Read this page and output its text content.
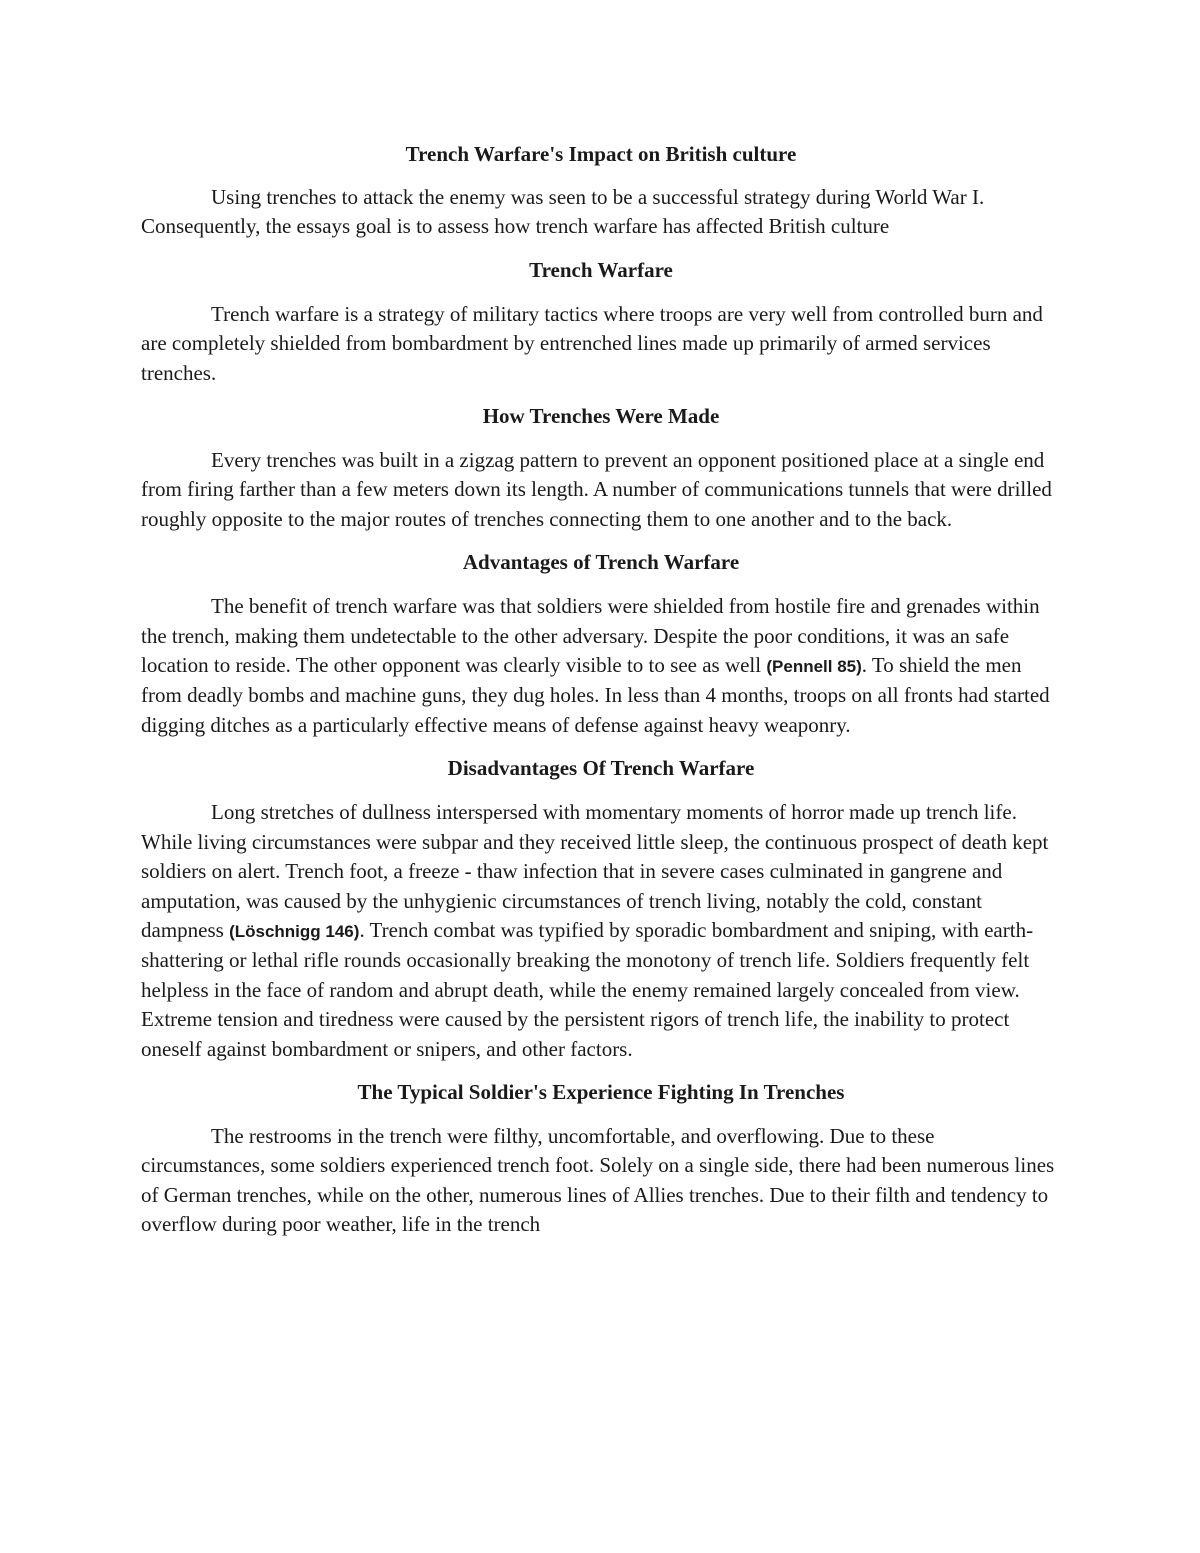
Trench Warfare's Impact on British culture

Using trenches to attack the enemy was seen to be a successful strategy during World War I. Consequently, the essays goal is to assess how trench warfare has affected British culture

Trench Warfare

Trench warfare is a strategy of military tactics where troops are very well from controlled burn and are completely shielded from bombardment by entrenched lines made up primarily of armed services trenches.

How Trenches Were Made

Every trenches was built in a zigzag pattern to prevent an opponent positioned place at a single end from firing farther than a few meters down its length. A number of communications tunnels that were drilled roughly opposite to the major routes of trenches connecting them to one another and to the back.

Advantages of Trench Warfare

The benefit of trench warfare was that soldiers were shielded from hostile fire and grenades within the trench, making them undetectable to the other adversary. Despite the poor conditions, it was an safe location to reside. The other opponent was clearly visible to to see as well (Pennell 85). To shield the men from deadly bombs and machine guns, they dug holes. In less than 4 months, troops on all fronts had started digging ditches as a particularly effective means of defense against heavy weaponry.

Disadvantages Of Trench Warfare

Long stretches of dullness interspersed with momentary moments of horror made up trench life. While living circumstances were subpar and they received little sleep, the continuous prospect of death kept soldiers on alert. Trench foot, a freeze - thaw infection that in severe cases culminated in gangrene and amputation, was caused by the unhygienic circumstances of trench living, notably the cold, constant dampness (Löschnigg 146). Trench combat was typified by sporadic bombardment and sniping, with earth-shattering or lethal rifle rounds occasionally breaking the monotony of trench life. Soldiers frequently felt helpless in the face of random and abrupt death, while the enemy remained largely concealed from view. Extreme tension and tiredness were caused by the persistent rigors of trench life, the inability to protect oneself against bombardment or snipers, and other factors.

The Typical Soldier's Experience Fighting In Trenches

The restrooms in the trench were filthy, uncomfortable, and overflowing. Due to these circumstances, some soldiers experienced trench foot. Solely on a single side, there had been numerous lines of German trenches, while on the other, numerous lines of Allies trenches. Due to their filth and tendency to overflow during poor weather, life in the trench
